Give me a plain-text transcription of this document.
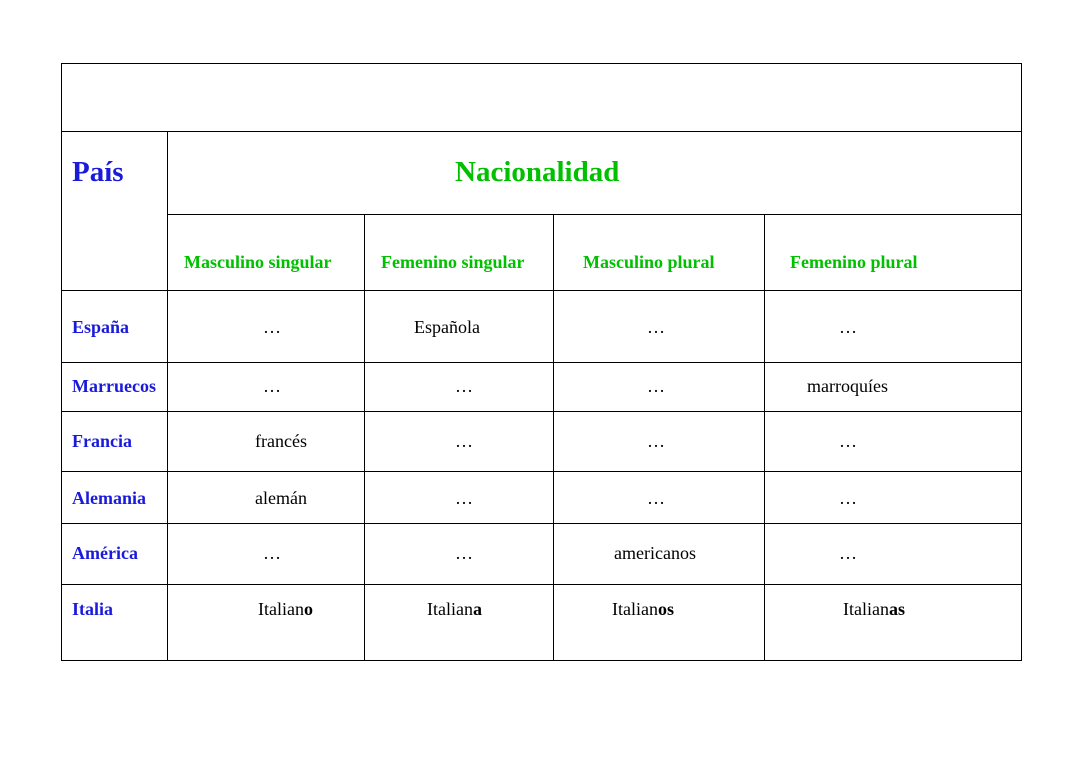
País	Nacionalidad
Masculino singular	Femenino singular	Masculino plural	Femenino plural
España	…	Española	…	…
Marruecos	…	…	…	marroquíes
Francia	francés	…	…	…
Alemania	alemán	…	…	…
América	…	…	americanos	…
Italia	Italiano	Italiana	Italianos	Italianas
